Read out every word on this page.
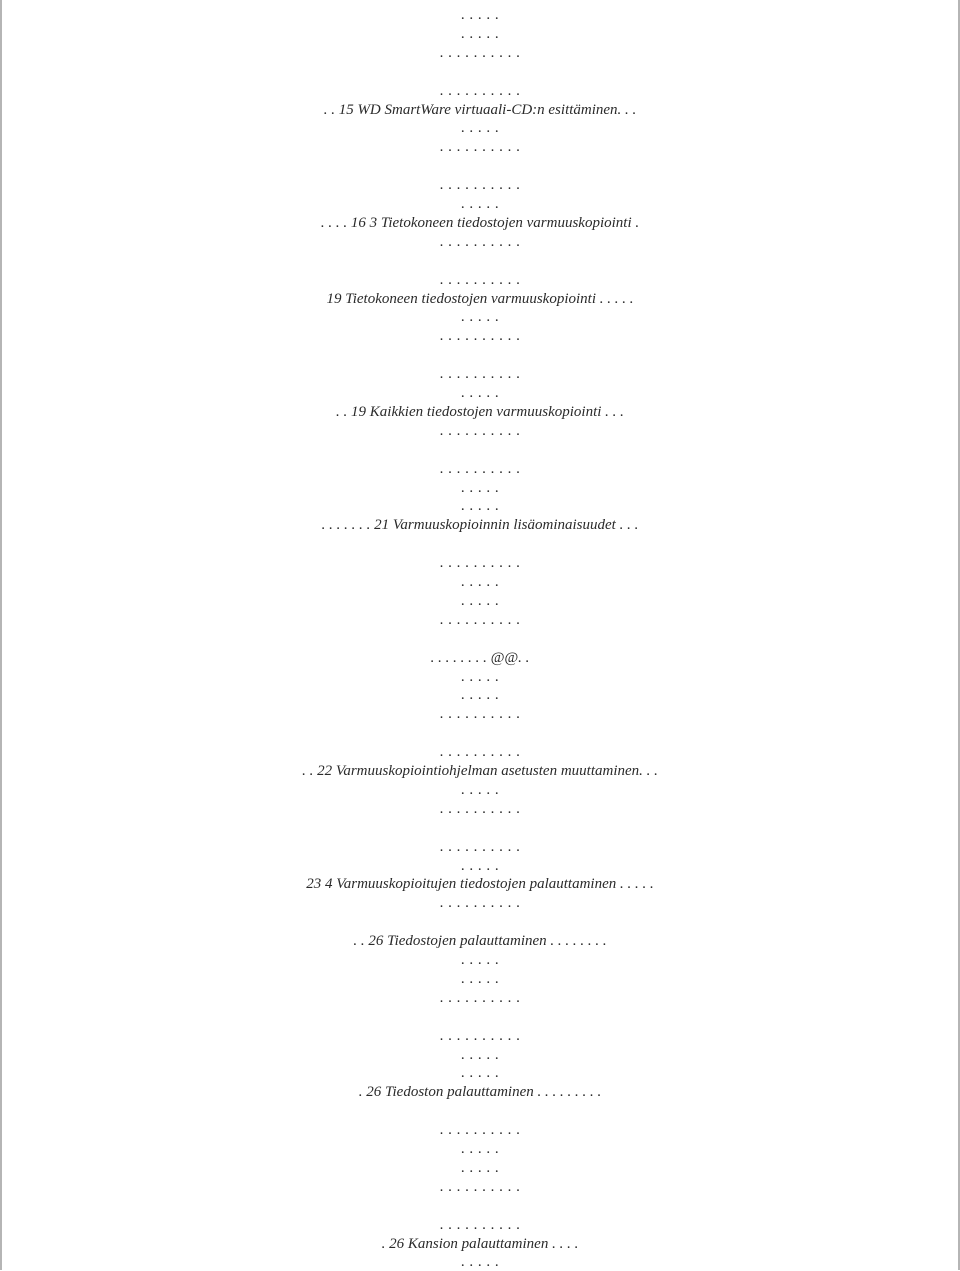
. . . . .
. . . . .
. . . . . . . . . .
. . . . . . . . . .
. . 15 WD SmartWare virtuaali-CD:n esittäminen. . .
. . . . .
. . . . . . . . . .
. . . . . . . . . .
. . . . .
. . . . 16 3 Tietokoneen tiedostojen varmuuskopiointi .
. . . . . . . . . .
. . . . . . . . . .
19 Tietokoneen tiedostojen varmuuskopiointi . . . . .
. . . . .
. . . . . . . . . .
. . . . . . . . . .
. . . . .
. . 19 Kaikkien tiedostojen varmuuskopiointi . . .
. . . . . . . . . .
. . . . . . . . . .
. . . . .
. . . . .
. . . . . . . 21 Varmuuskopioinnin lisäominaisuudet . . .
. . . . . . . . . .
. . . . .
. . . . .
. . . . . . . . . .
. . . . . . . . @@. .
. . . . .
. . . . .
. . . . . . . . . .
. . . . . . . . . .
. . 22 Varmuuskopiointiohjelman asetusten muuttaminen. . .
. . . . .
. . . . . . . . . .
. . . . . . . . . .
. . . . .
23 4 Varmuuskopioitujen tiedostojen palauttaminen . . . . .
. . . . . . . . . .
. . 26 Tiedostojen palauttaminen . . . . . . . .
. . . . .
. . . . .
. . . . . . . . . .
. . . . . . . . . .
. . . . .
. . . . .
. 26 Tiedoston palauttaminen . . . . . . . . .
. . . . . . . . . .
. . . . .
. . . . .
. . . . . . . . . .
. . . . . . . . . .
. 26 Kansion palauttaminen . . . .
. . . . .
